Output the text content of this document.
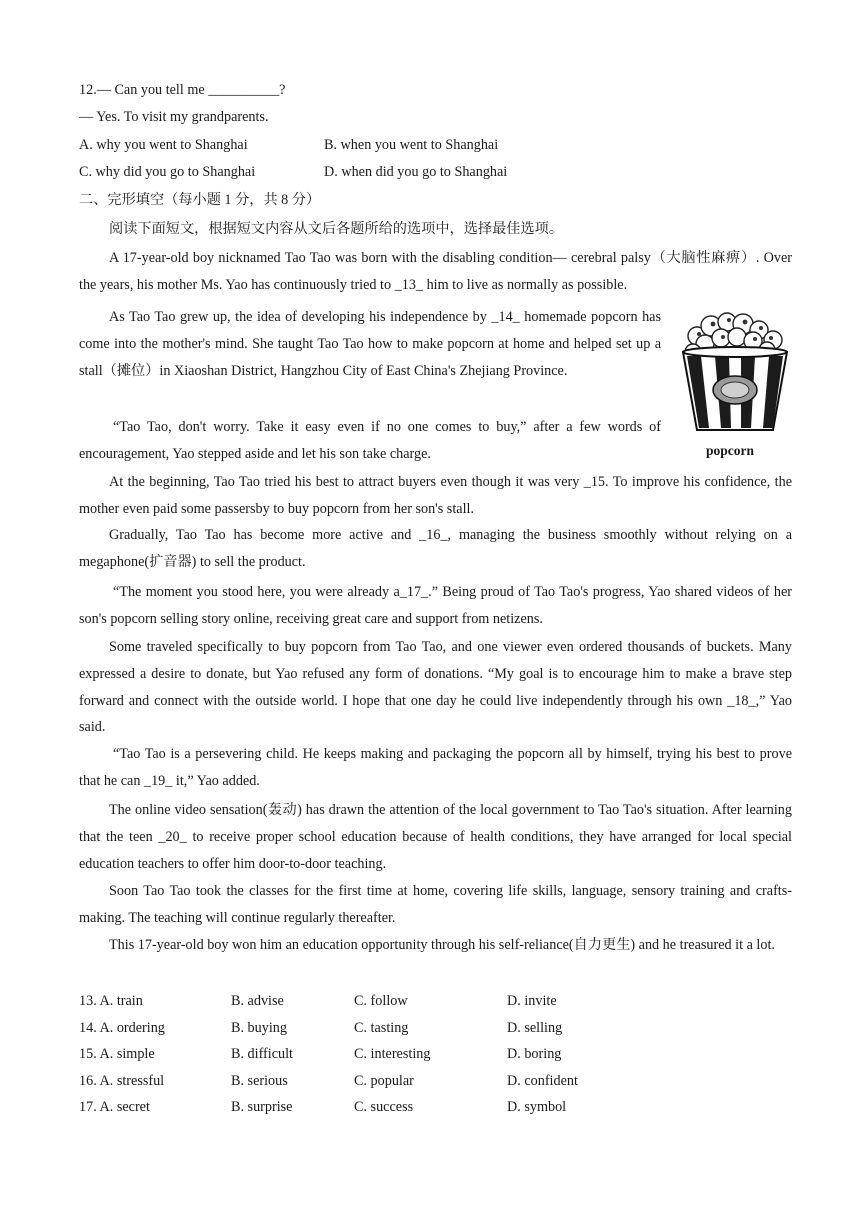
12.— Can you tell me __________?
— Yes. To visit my grandparents.
A. why you went to Shanghai	B. when you went to Shanghai
C. why did you go to Shanghai	D. when did you go to Shanghai
二、完形填空（每小题 1 分，共 8 分）
阅读下面短文，根据短文内容从文后各题所给的选项中，选择最佳选项。
A 17-year-old boy nicknamed Tao Tao was born with the disabling condition— cerebral palsy（大脑性麻痹）. Over the years, his mother Ms. Yao has continuously tried to _13_ him to live as normally as possible.
As Tao Tao grew up, the idea of developing his independence by _14_ homemade popcorn has come into the mother's mind. She taught Tao Tao how to make popcorn at home and helped set up a stall（摊位）in Xiaoshan District, Hangzhou City of East China's Zhejiang Province.
“Tao Tao, don't worry. Take it easy even if no one comes to buy,” after a few words of encouragement, Yao stepped aside and let his son take charge.
At the beginning, Tao Tao tried his best to attract buyers even though it was very _15. To improve his confidence, the mother even paid some passersby to buy popcorn from her son's stall.
Gradually, Tao Tao has become more active and _16_, managing the business smoothly without relying on a megaphone(扩音器) to sell the product.
“The moment you stood here, you were already a_17_.” Being proud of Tao Tao's progress, Yao shared videos of her son's popcorn selling story online, receiving great care and support from netizens.
Some traveled specifically to buy popcorn from Tao Tao, and one viewer even ordered thousands of buckets. Many expressed a desire to donate, but Yao refused any form of donations. “My goal is to encourage him to make a brave step forward and connect with the outside world. I hope that one day he could live independently through his own _18_,” Yao said.
“Tao Tao is a persevering child. He keeps making and packaging the popcorn all by himself, trying his best to prove that he can _19_ it,” Yao added.
The online video sensation(轰动) has drawn the attention of the local government to Tao Tao's situation. After learning that the teen _20_ to receive proper school education because of health conditions, they have arranged for local special education teachers to offer him door-to-door teaching.
Soon Tao Tao took the classes for the first time at home, covering life skills, language, sensory training and crafts-making. The teaching will continue regularly thereafter.
This 17-year-old boy won him an education opportunity through his self-reliance(自力更生) and he treasured it a lot.
popcorn
13. A. train	B. advise	C. follow	D. invite
14. A. ordering	B. buying	C. tasting	D. selling
15. A. simple	B. difficult	C. interesting	D. boring
16. A. stressful	B. serious	C. popular	D. confident
17. A. secret	B. surprise	C. success	D. symbol
